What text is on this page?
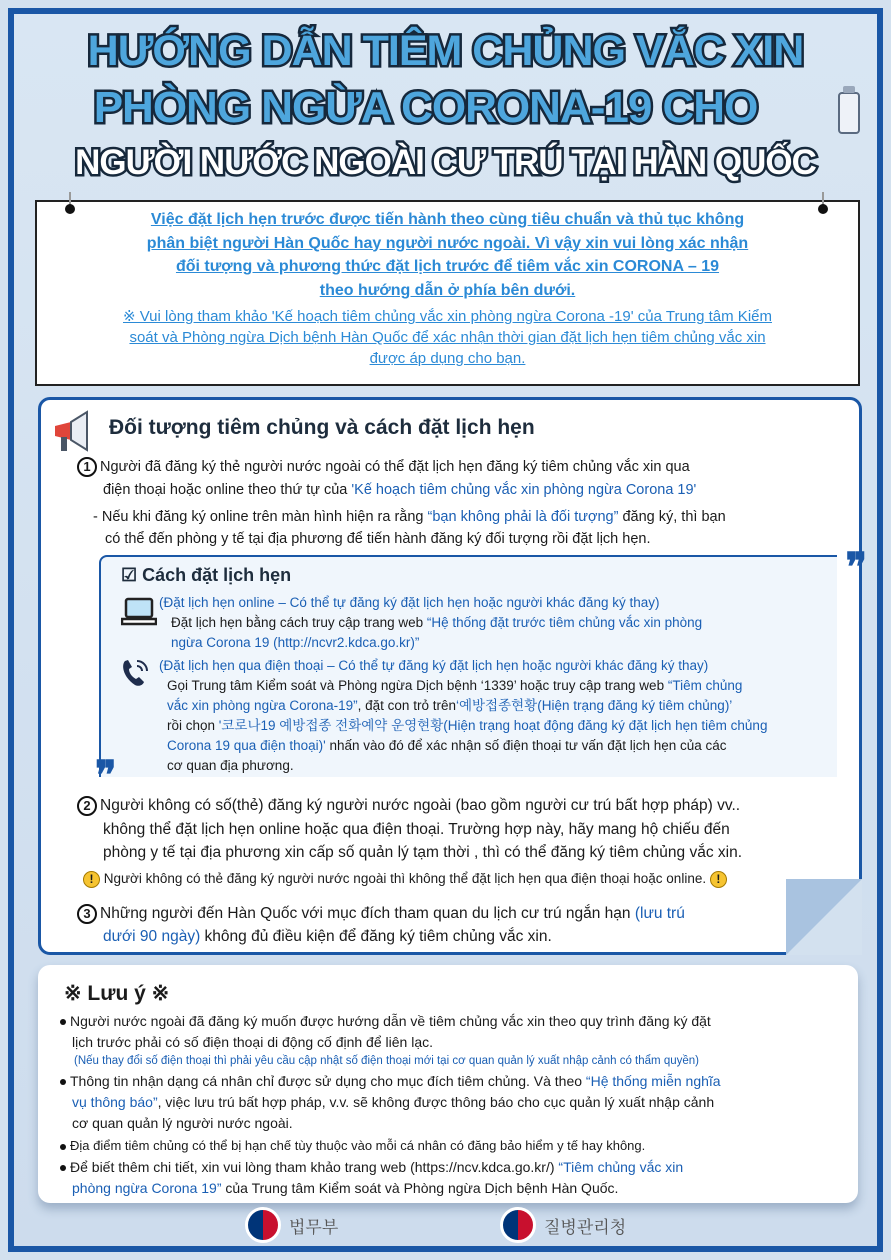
HƯỚNG DẪN TIÊM CHỦNG VẮC XIN
PHÒNG NGỪA CORONA-19 CHO
NGƯỜI NƯỚC NGOÀI CƯ TRÚ TẠI HÀN QUỐC

Việc đặt lịch hẹn trước được tiến hành theo cùng tiêu chuẩn và thủ tục không
phân biệt người Hàn Quốc hay người nước ngoài. Vì vậy xin vui lòng xác nhận
đối tượng và phương thức đặt lịch trước để tiêm vắc xin CORONA – 19
theo hướng dẫn ở phía bên dưới.

※ Vui lòng tham khảo 'Kế hoạch tiêm chủng vắc xin phòng ngừa Corona -19' của Trung tâm Kiểm
soát và Phòng ngừa Dịch bệnh Hàn Quốc để xác nhận thời gian đặt lịch hẹn tiêm chủng vắc xin
được áp dụng cho bạn.

Đối tượng tiêm chủng và cách đặt lịch hẹn
1 Người đã đăng ký thẻ người nước ngoài có thể đặt lịch hẹn đăng ký tiêm chủng vắc xin qua
điện thoại hoặc online theo thứ tự của 'Kế hoạch tiêm chủng vắc xin phòng ngừa Corona 19'
- Nếu khi đăng ký online trên màn hình hiện ra rằng “bạn không phải là đối tượng” đăng ký, thì bạn
có thể đến phòng y tế tại địa phương để tiến hành đăng ký đối tượng rồi đặt lịch hẹn.
❞
❞
☑ Cách đặt lịch hẹn
(Đặt lịch hẹn online – Có thể tự đăng ký đặt lịch hẹn hoặc người khác đăng ký thay)
Đặt lịch hẹn bằng cách truy cập trang web “Hệ thống đặt trước tiêm chủng vắc xin phòng
ngừa Corona 19 (http://ncvr2.kdca.go.kr)”
(Đặt lịch hẹn qua điện thoại – Có thể tự đăng ký đặt lịch hẹn hoặc người khác đăng ký thay)
Gọi Trung tâm Kiểm soát và Phòng ngừa Dịch bệnh ‘1339’ hoặc truy cập trang web “Tiêm chủng
vắc xin phòng ngừa Corona-19”, đặt con trỏ trên‘예방접종현황(Hiện trạng đăng ký tiêm chủng)’
rồi chọn '코로나19 예방접종 전화예약 운영현황(Hiện trạng hoạt động đăng ký đặt lịch hẹn tiêm chủng
Corona 19 qua điện thoại)' nhấn vào đó để xác nhận số điện thoại tư vấn đặt lịch hẹn của các
cơ quan địa phương.
2 Người không có số(thẻ) đăng ký người nước ngoài (bao gồm người cư trú bất hợp pháp) vv..
không thể đặt lịch hẹn online hoặc qua điện thoại. Trường hợp này, hãy mang hộ chiếu đến
phòng y tế tại địa phương xin cấp số quản lý tạm thời , thì có thể đăng ký tiêm chủng vắc xin.
! Người không có thẻ đăng ký người nước ngoài thì không thể đặt lịch hẹn qua điện thoại hoặc online. !
3 Những người đến Hàn Quốc với mục đích tham quan du lịch cư trú ngắn hạn (lưu trú
dưới 90 ngày) không đủ điều kiện để đăng ký tiêm chủng vắc xin.
※ Lưu ý ※
Người nước ngoài đã đăng ký muốn được hướng dẫn về tiêm chủng vắc xin theo quy trình đăng ký đặt
lịch trước phải có số điện thoại di động cố định để liên lạc.
(Nếu thay đổi số điện thoại thì phải yêu cầu cập nhật số điện thoại mới tại cơ quan quản lý xuất nhập cảnh có thẩm quyền)
Thông tin nhận dạng cá nhân chỉ được sử dụng cho mục đích tiêm chủng. Và theo “Hệ thống miễn nghĩa
vụ thông báo”, việc lưu trú bất hợp pháp, v.v. sẽ không được thông báo cho cục quản lý xuất nhập cảnh
cơ quan quản lý người nước ngoài.
Địa điểm tiêm chủng có thể bị hạn chế tùy thuộc vào mỗi cá nhân có đăng bảo hiểm y tế hay không.
Để biết thêm chi tiết, xin vui lòng tham khảo trang web (https://ncv.kdca.go.kr/) “Tiêm chủng vắc xin
phòng ngừa Corona 19” của Trung tâm Kiểm soát và Phòng ngừa Dịch bệnh Hàn Quốc.
법무부	질병관리청
